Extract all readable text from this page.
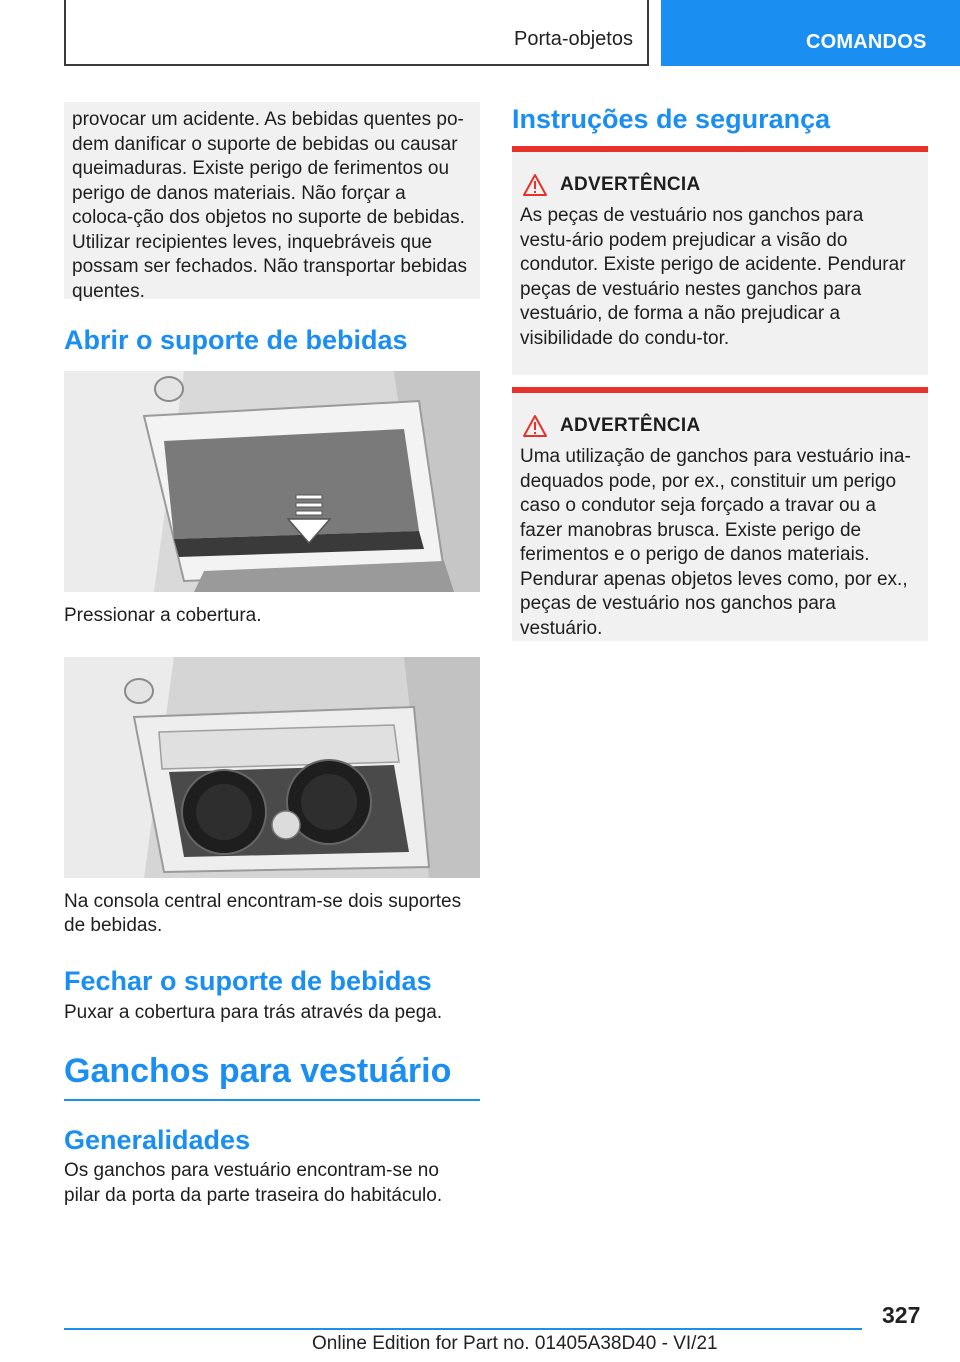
Porta-objetos	COMANDOS

provocar um acidente. As bebidas quentes po-dem danificar o suporte de bebidas ou causar queimaduras. Existe perigo de ferimentos ou perigo de danos materiais. Não forçar a coloca-ção dos objetos no suporte de bebidas. Utilizar recipientes leves, inquebráveis que possam ser fechados. Não transportar bebidas quentes.

Abrir o suporte de bebidas

Pressionar a cobertura.

Na consola central encontram-se dois suportes de bebidas.

Fechar o suporte de bebidas

Puxar a cobertura para trás através da pega.

Ganchos para vestuário
Generalidades

Os ganchos para vestuário encontram-se no pilar da porta da parte traseira do habitáculo.

Instruções de segurança
ADVERTÊNCIA

As peças de vestuário nos ganchos para vestu-ário podem prejudicar a visão do condutor. Existe perigo de acidente. Pendurar peças de vestuário nestes ganchos para vestuário, de forma a não prejudicar a visibilidade do condu-tor.

ADVERTÊNCIA

Uma utilização de ganchos para vestuário ina-dequados pode, por ex., constituir um perigo caso o condutor seja forçado a travar ou a fazer manobras brusca. Existe perigo de ferimentos e o perigo de danos materiais. Pendurar apenas objetos leves como, por ex., peças de vestuário nos ganchos para vestuário.

327
Online Edition for Part no. 01405A38D40 - VI/21
